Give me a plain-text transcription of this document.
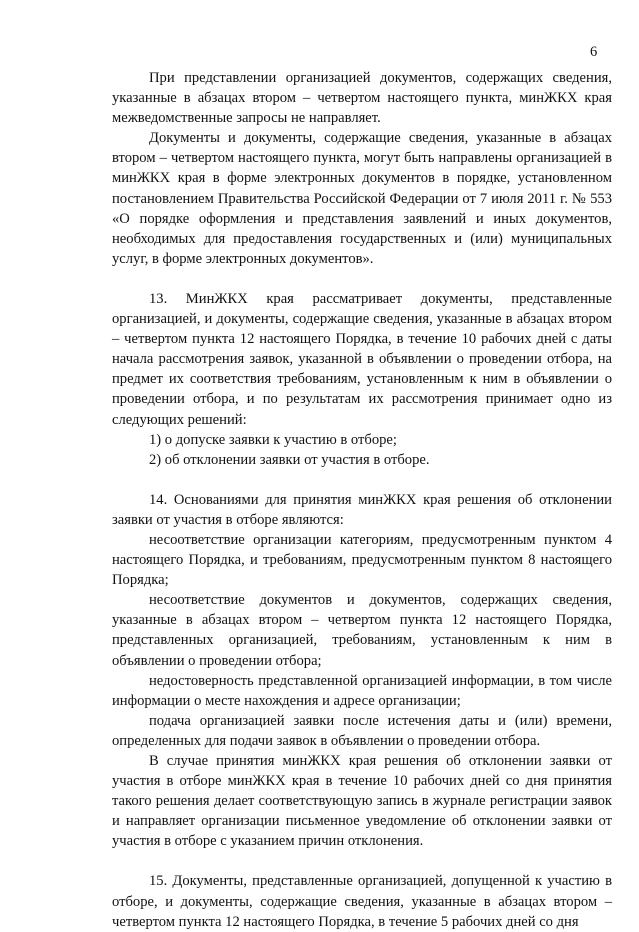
6

При представлении организацией документов, содержащих сведения, указанные в абзацах втором – четвертом настоящего пункта, минЖКХ края межведомственные запросы не направляет.

Документы и документы, содержащие сведения, указанные в абзацах втором – четвертом настоящего пункта, могут быть направлены организацией в минЖКХ края в форме электронных документов в порядке, установленном постановлением Правительства Российской Федерации от 7 июля 2011 г. № 553 «О порядке оформления и представления заявлений и иных документов, необходимых для предоставления государственных и (или) муниципальных услуг, в форме электронных документов».

13. МинЖКХ края рассматривает документы, представленные организацией, и документы, содержащие сведения, указанные в абзацах втором – четвертом пункта 12 настоящего Порядка, в течение 10 рабочих дней с даты начала рассмотрения заявок, указанной в объявлении о проведении отбора, на предмет их соответствия требованиям, установленным к ним в объявлении о проведении отбора, и по результатам их рассмотрения принимает одно из следующих решений:

1) о допуске заявки к участию в отборе;

2) об отклонении заявки от участия в отборе.

14. Основаниями для принятия минЖКХ края решения об отклонении заявки от участия в отборе являются:

несоответствие организации категориям, предусмотренным пунктом 4 настоящего Порядка, и требованиям, предусмотренным пунктом 8 настоящего Порядка;

несоответствие документов и документов, содержащих сведения, указанные в абзацах втором – четвертом пункта 12 настоящего Порядка, представленных организацией, требованиям, установленным к ним в объявлении о проведении отбора;

недостоверность представленной организацией информации, в том числе информации о месте нахождения и адресе организации;

подача организацией заявки после истечения даты и (или) времени, определенных для подачи заявок в объявлении о проведении отбора.

В случае принятия минЖКХ края решения об отклонении заявки от участия в отборе минЖКХ края в течение 10 рабочих дней со дня принятия такого решения делает соответствующую запись в журнале регистрации заявок и направляет организации письменное уведомление об отклонении заявки от участия в отборе с указанием причин отклонения.

15. Документы, представленные организацией, допущенной к участию в отборе, и документы, содержащие сведения, указанные в абзацах втором – четвертом пункта 12 настоящего Порядка, в течение 5 рабочих дней со дня
